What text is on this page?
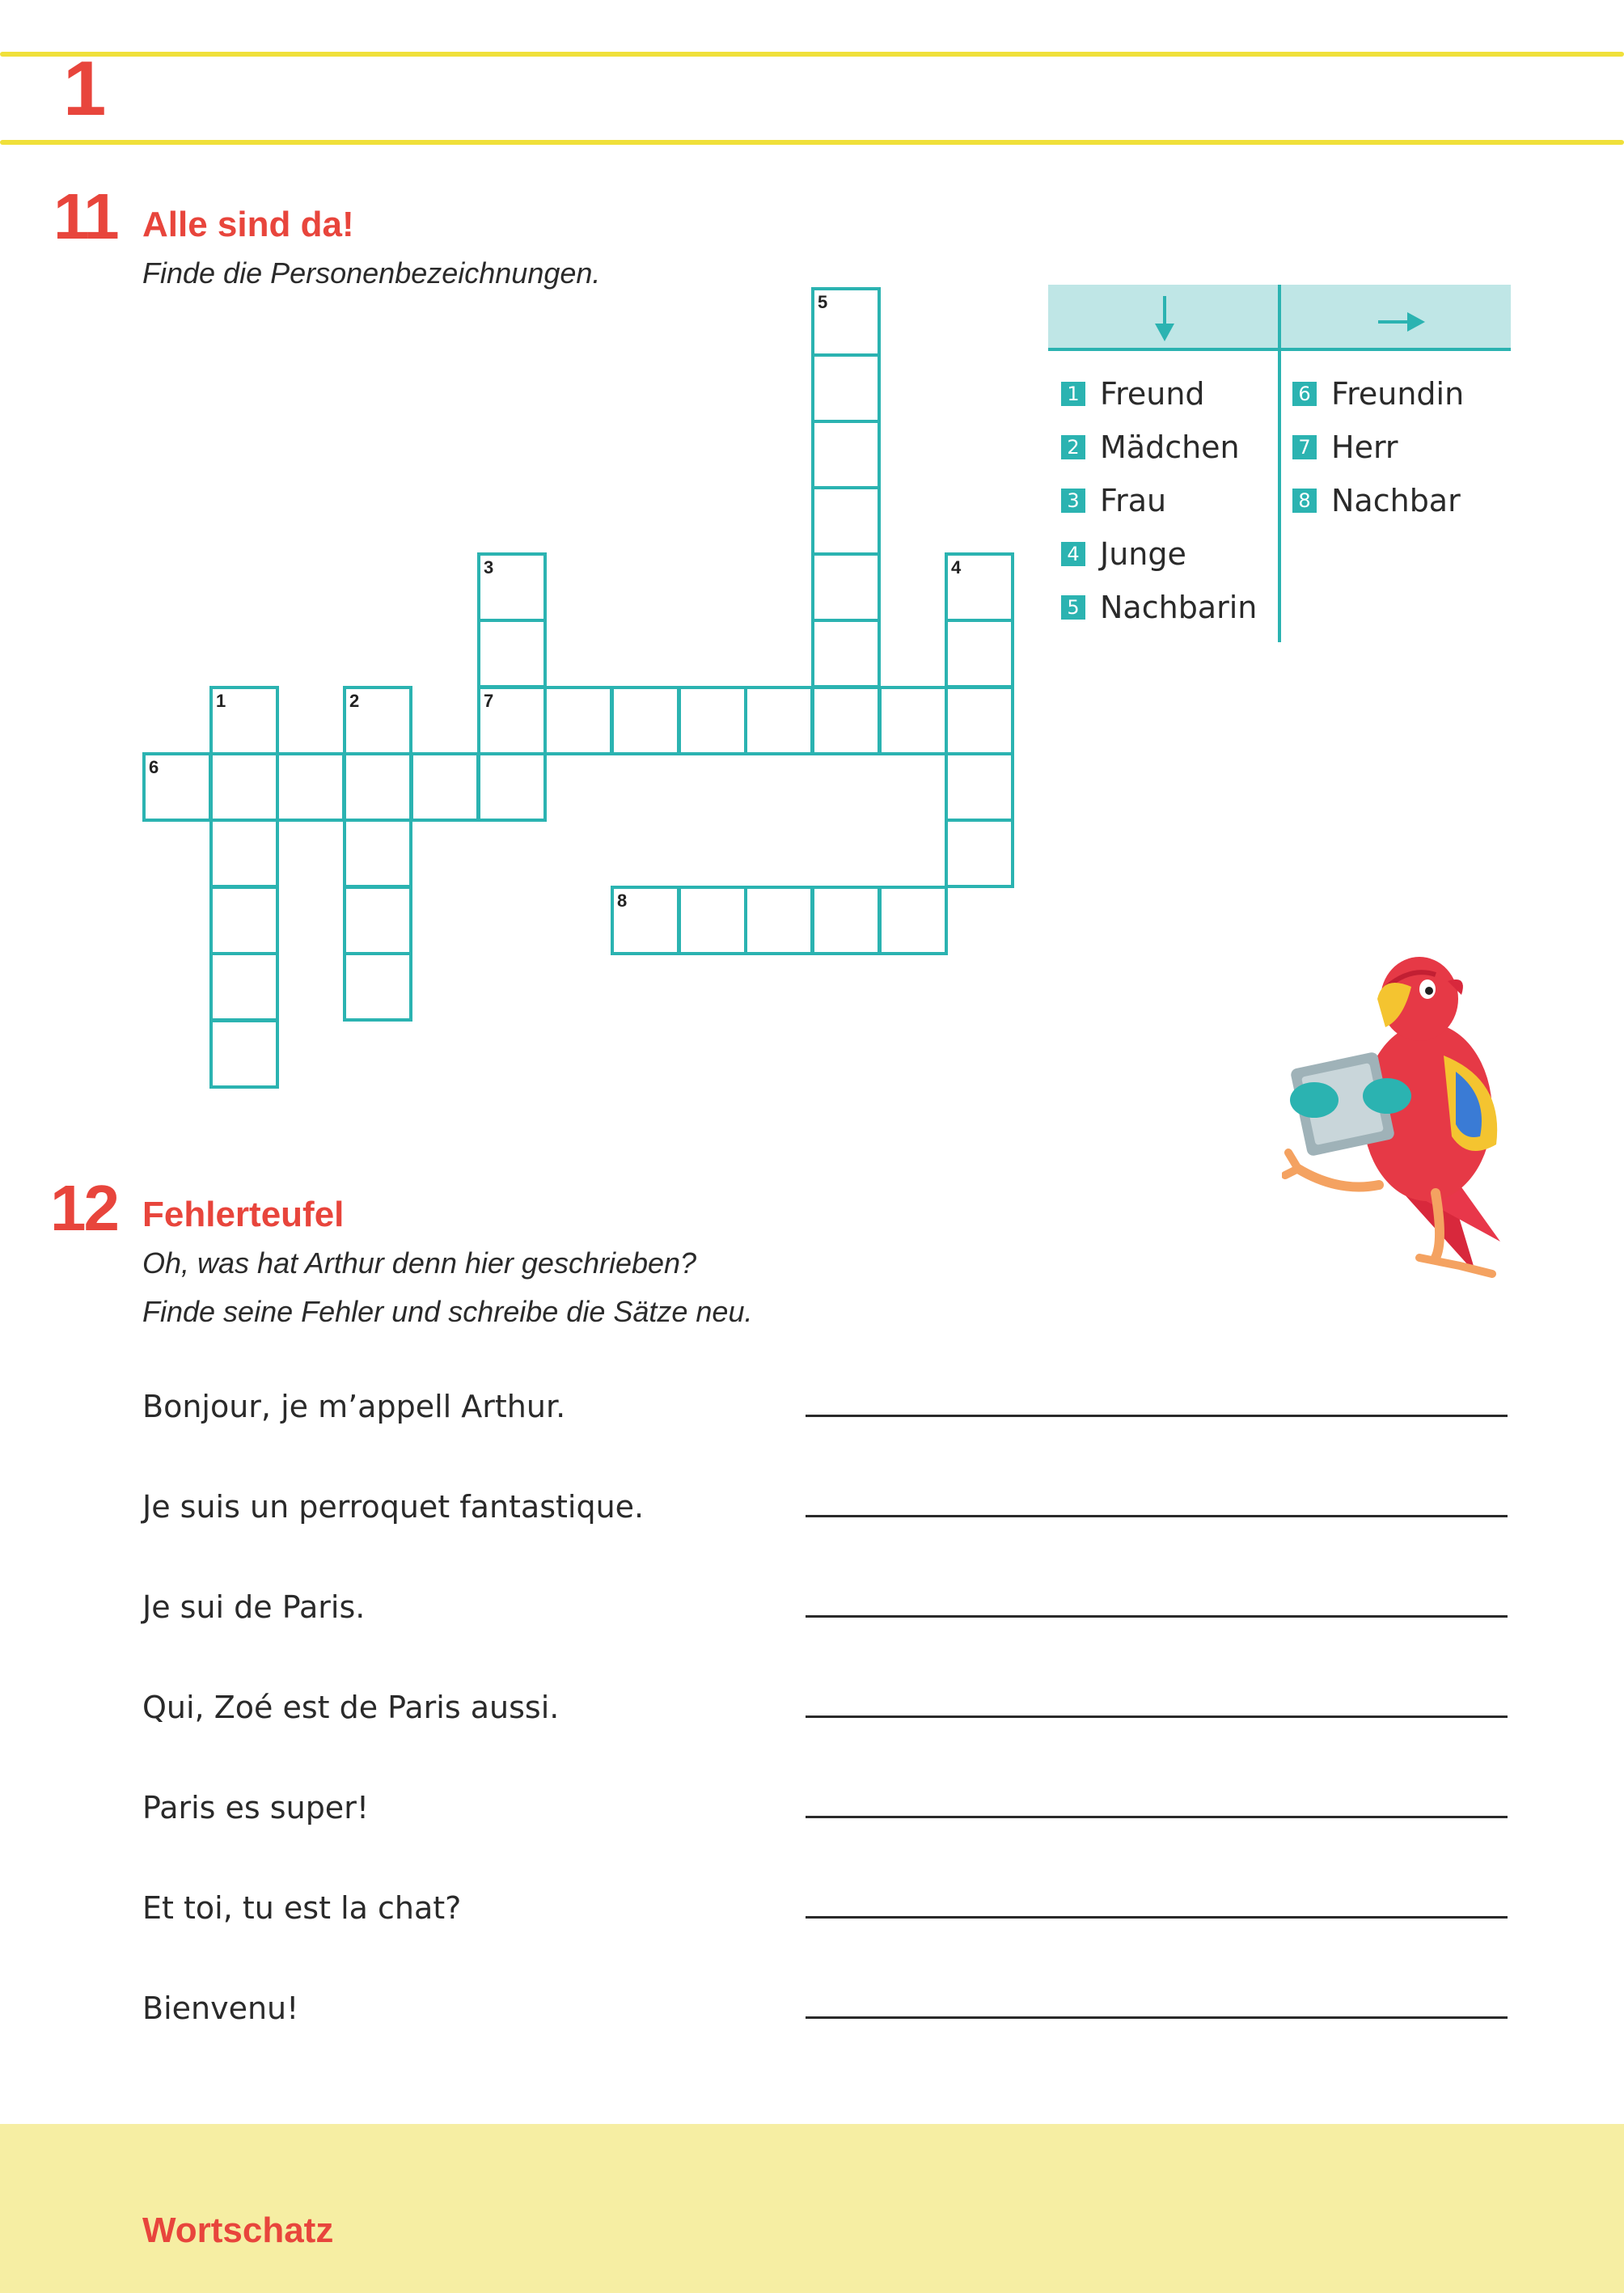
1
11 Alle sind da!
Finde die Personenbezeichnungen.
5
3	4
7
1	2
6
8
1 Freund
2 Mädchen
3 Frau
4 Junge
5 Nachbarin
6 Freundin
7 Herr
8 Nachbar
12 Fehlerteufel
Oh, was hat Arthur denn hier geschrieben?
Finde seine Fehler und schreibe die Sätze neu.
Bonjour, je m’appell Arthur.
Je suis un perroquet fantastique.
Je sui de Paris.
Qui, Zoé est de Paris aussi.
Paris es super!
Et toi, tu est la chat?
Bienvenu!
Wortschatz
